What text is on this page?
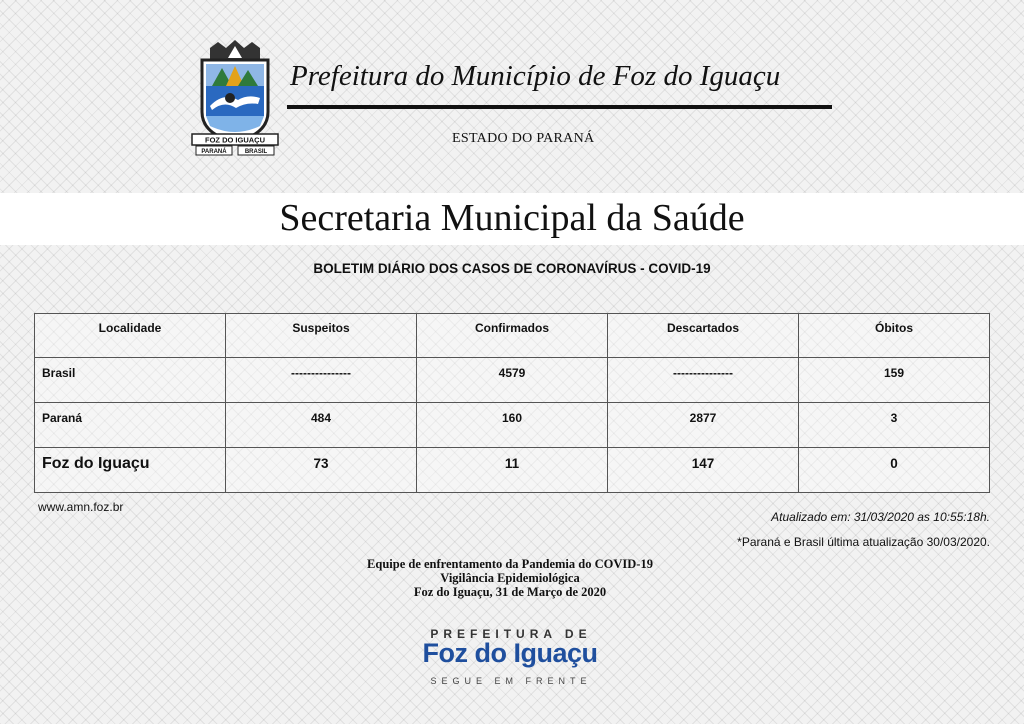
FOZ DO IGUAÇU
PARANÁ	BRASIL
Prefeitura do Município de Foz do Iguaçu
ESTADO DO PARANÁ
Secretaria Municipal da Saúde
BOLETIM DIÁRIO DOS CASOS DE CORONAVÍRUS - COVID-19
Localidade	Suspeitos	Confirmados	Descartados	Óbitos
Brasil	---------------	4579	---------------	159
Paraná	484	160	2877	3
Foz do Iguaçu	73	11	147	0
www.amn.foz.br
Atualizado em: 31/03/2020 as 10:55:18h.
*Paraná e Brasil última atualização 30/03/2020.
Equipe de enfrentamento da Pandemia do COVID-19
Vigilância Epidemiológica
Foz do Iguaçu, 31 de Março de 2020
PREFEITURA DE
Foz do Iguaçu
SEGUE EM FRENTE
